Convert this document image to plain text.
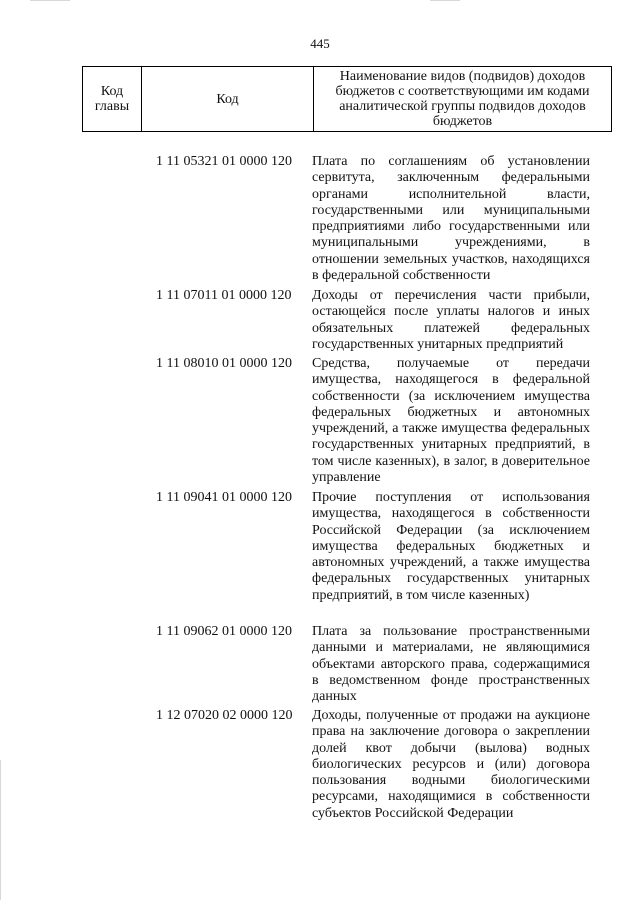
445
Код главы	Код	Наименование видов (подвидов) доходов бюджетов с соответствующими им кодами аналитической группы подвидов доходов бюджетов
1 11 05321 01 0000 120 Плата по соглашениям об установлении сервитута, заключенным федеральными органами исполнительной власти, государственными или муниципальными предприятиями либо государственными или муниципальными учреждениями, в отношении земельных участков, находящихся в федеральной собственности
1 11 07011 01 0000 120 Доходы от перечисления части прибыли, остающейся после уплаты налогов и иных обязательных платежей федеральных государственных унитарных предприятий
1 11 08010 01 0000 120 Средства, получаемые от передачи имущества, находящегося в федеральной собственности (за исключением имущества федеральных бюджетных и автономных учреждений, а также имущества федеральных государственных унитарных предприятий, в том числе казенных), в залог, в доверительное управление
1 11 09041 01 0000 120 Прочие поступления от использования имущества, находящегося в собственности Российской Федерации (за исключением имущества федеральных бюджетных и автономных учреждений, а также имущества федеральных государственных унитарных предприятий, в том числе казенных)
1 11 09062 01 0000 120 Плата за пользование пространственными данными и материалами, не являющимися объектами авторского права, содержащимися в ведомственном фонде пространственных данных
1 12 07020 02 0000 120 Доходы, полученные от продажи на аукционе права на заключение договора о закреплении долей квот добычи (вылова) водных биологических ресурсов и (или) договора пользования водными биологическими ресурсами, находящимися в собственности субъектов Российской Федерации
